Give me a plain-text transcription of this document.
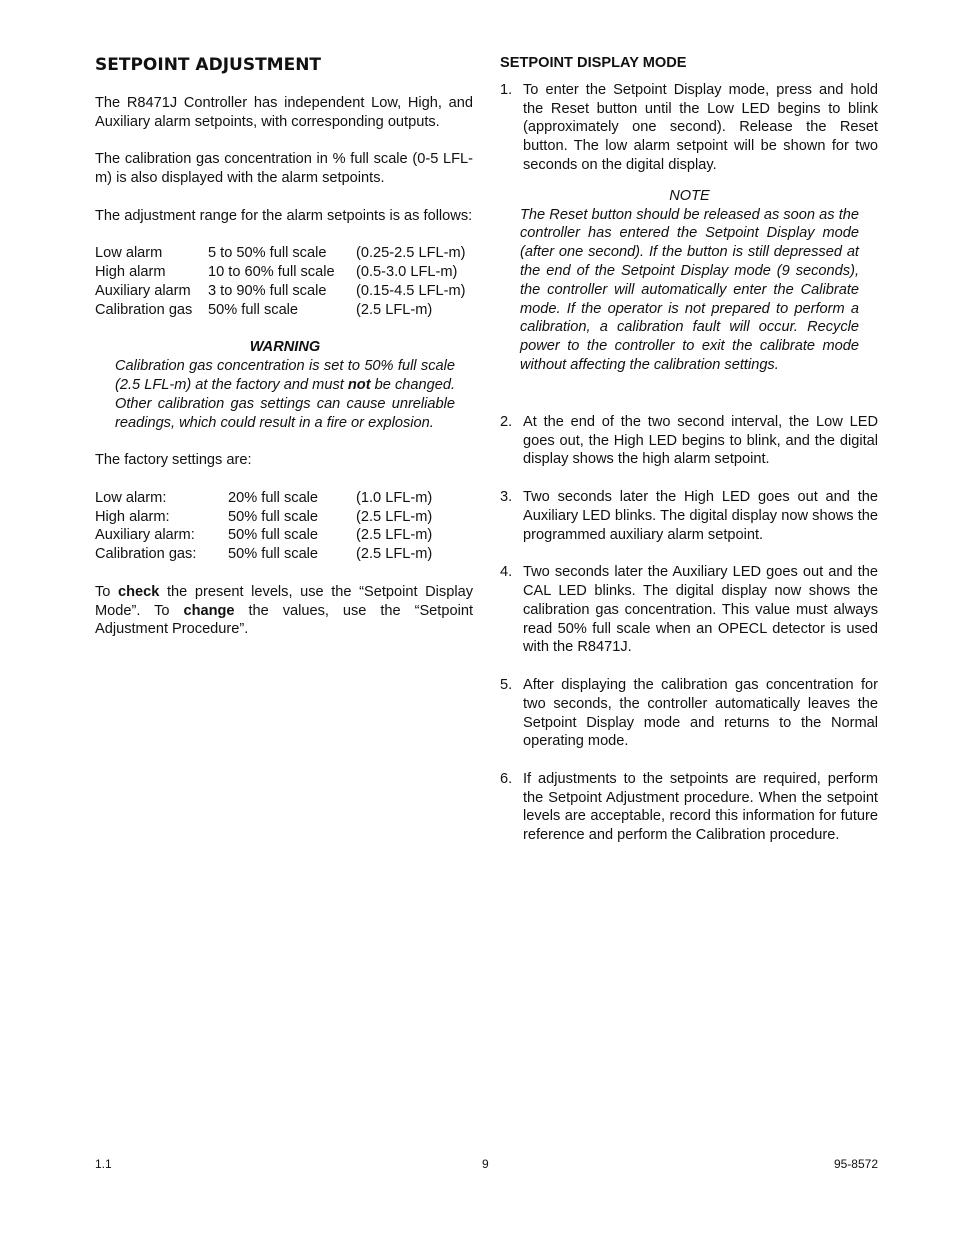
SETPOINT ADJUSTMENT
The R8471J Controller has independent Low, High, and Auxiliary alarm setpoints, with corresponding outputs.
The calibration gas concentration in % full scale (0-5 LFL-m) is also displayed with the alarm setpoints.
The adjustment range for the alarm setpoints is as follows:
Low alarm	5 to 50% full scale	(0.25-2.5 LFL-m)
High alarm	10 to 60% full scale	(0.5-3.0 LFL-m)
Auxiliary alarm	3 to 90% full scale	(0.15-4.5 LFL-m)
Calibration gas	50% full scale	(2.5 LFL-m)
WARNING
Calibration gas concentration is set to 50% full scale (2.5 LFL-m) at the factory and must not be changed. Other calibration gas settings can cause unreliable readings, which could result in a fire or explosion.
The factory settings are:
Low alarm:	20% full scale	(1.0 LFL-m)
High alarm:	50% full scale	(2.5 LFL-m)
Auxiliary alarm:	50% full scale	(2.5 LFL-m)
Calibration gas:	50% full scale	(2.5 LFL-m)
To check the present levels, use the “Setpoint Display Mode”. To change the values, use the “Setpoint Adjustment Procedure”.
SETPOINT DISPLAY MODE
1. To enter the Setpoint Display mode, press and hold the Reset button until the Low LED begins to blink (approximately one second). Release the Reset button. The low alarm setpoint will be shown for two seconds on the digital display.
NOTE
The Reset button should be released as soon as the controller has entered the Setpoint Display mode (after one second). If the button is still depressed at the end of the Setpoint Display mode (9 seconds), the controller will automatically enter the Calibrate mode. If the operator is not prepared to perform a calibration, a calibration fault will occur. Recycle power to the controller to exit the calibrate mode without affecting the calibration settings.
2. At the end of the two second interval, the Low LED goes out, the High LED begins to blink, and the digital display shows the high alarm setpoint.
3. Two seconds later the High LED goes out and the Auxiliary LED blinks. The digital display now shows the programmed auxiliary alarm setpoint.
4. Two seconds later the Auxiliary LED goes out and the CAL LED blinks. The digital display now shows the calibration gas concentration. This value must always read 50% full scale when an OPECL detector is used with the R8471J.
5. After displaying the calibration gas concentration for two seconds, the controller automatically leaves the Setpoint Display mode and returns to the Normal operating mode.
6. If adjustments to the setpoints are required, perform the Setpoint Adjustment procedure. When the setpoint levels are acceptable, record this information for future reference and perform the Calibration procedure.
1.1	9	95-8572
